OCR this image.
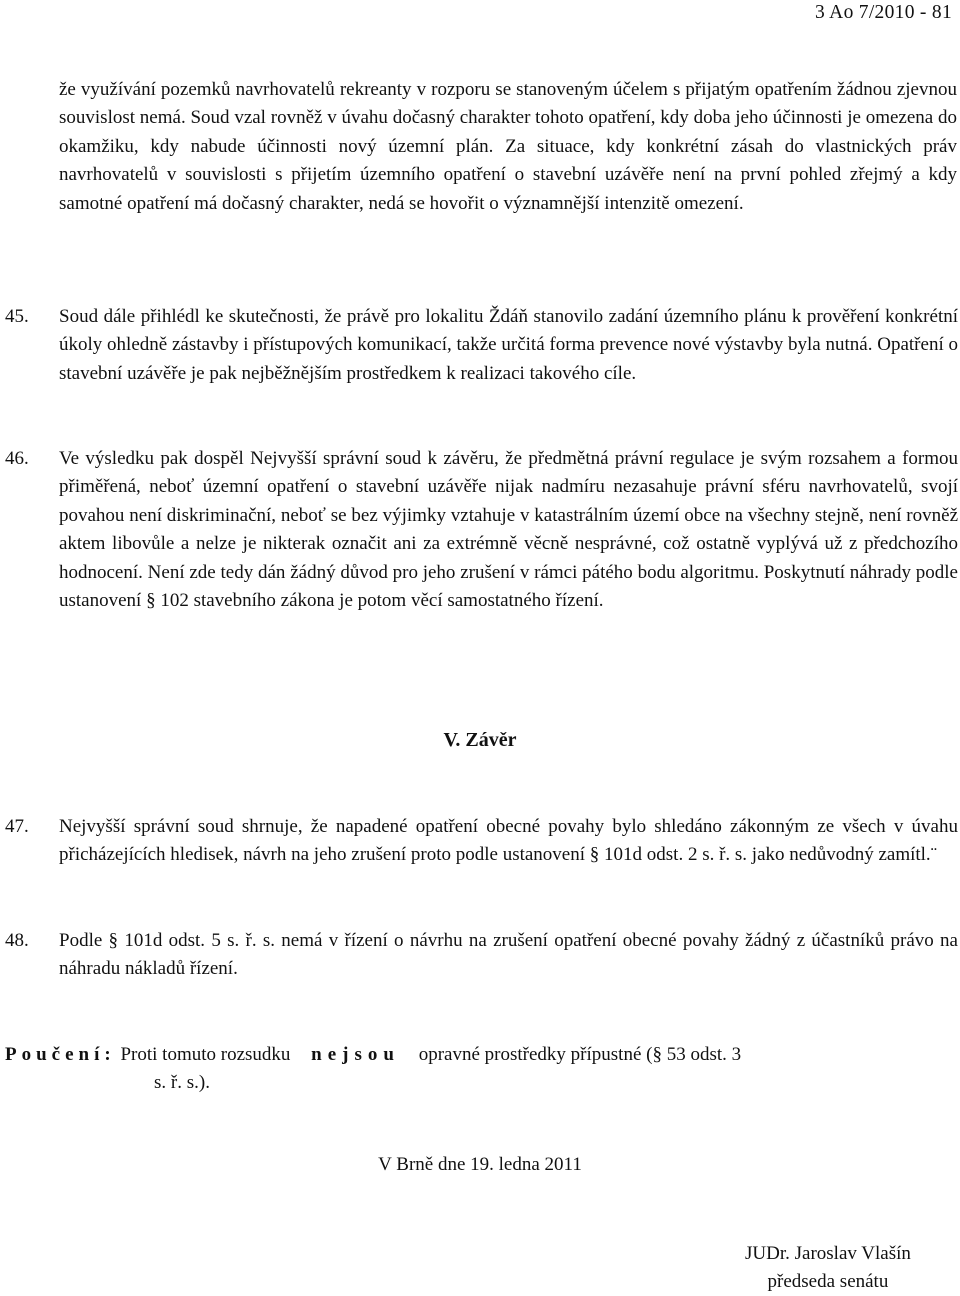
3 Ao 7/2010 - 81
že využívání pozemků navrhovatelů rekreanty v rozporu se stanoveným účelem s přijatým opatřením žádnou zjevnou souvislost nemá. Soud vzal rovněž v úvahu dočasný charakter tohoto opatření, kdy doba jeho účinnosti je omezena do okamžiku, kdy nabude účinnosti nový územní plán. Za situace, kdy konkrétní zásah do vlastnických práv navrhovatelů v souvislosti s přijetím územního opatření o stavební uzávěře není na první pohled zřejmý a kdy samotné opatření má dočasný charakter, nedá se hovořit o významnější intenzitě omezení.
45. Soud dále přihlédl ke skutečnosti, že právě pro lokalitu Ždáň stanovilo zadání územního plánu k prověření konkrétní úkoly ohledně zástavby i přístupových komunikací, takže určitá forma prevence nové výstavby byla nutná. Opatření o stavební uzávěře je pak nejběžnějším prostředkem k realizaci takového cíle.
46. Ve výsledku pak dospěl Nejvyšší správní soud k závěru, že předmětná právní regulace je svým rozsahem a formou přiměřená, neboť územní opatření o stavební uzávěře nijak nadmíru nezasahuje právní sféru navrhovatelů, svojí povahou není diskriminační, neboť se bez výjimky vztahuje v katastrálním území obce na všechny stejně, není rovněž aktem libovůle a nelze je nikterak označit ani za extrémně věcně nesprávné, což ostatně vyplývá už z předchozího hodnocení. Není zde tedy dán žádný důvod pro jeho zrušení v rámci pátého bodu algoritmu. Poskytnutí náhrady podle ustanovení § 102 stavebního zákona je potom věcí samostatného řízení.
V. Závěr
47. Nejvyšší správní soud shrnuje, že napadené opatření obecné povahy bylo shledáno zákonným ze všech v úvahu přicházejících hledisek, návrh na jeho zrušení proto podle ustanovení § 101d odst. 2 s. ř. s. jako nedůvodný zamítl.¨
48. Podle § 101d odst. 5 s. ř. s. nemá v řízení o návrhu na zrušení opatření obecné povahy žádný z účastníků právo na náhradu nákladů řízení.
Poučení: Proti tomuto rozsudku nejsou opravné prostředky přípustné (§ 53 odst. 3
s. ř. s.).
V Brně dne 19. ledna 2011
JUDr. Jaroslav Vlašín
předseda senátu
